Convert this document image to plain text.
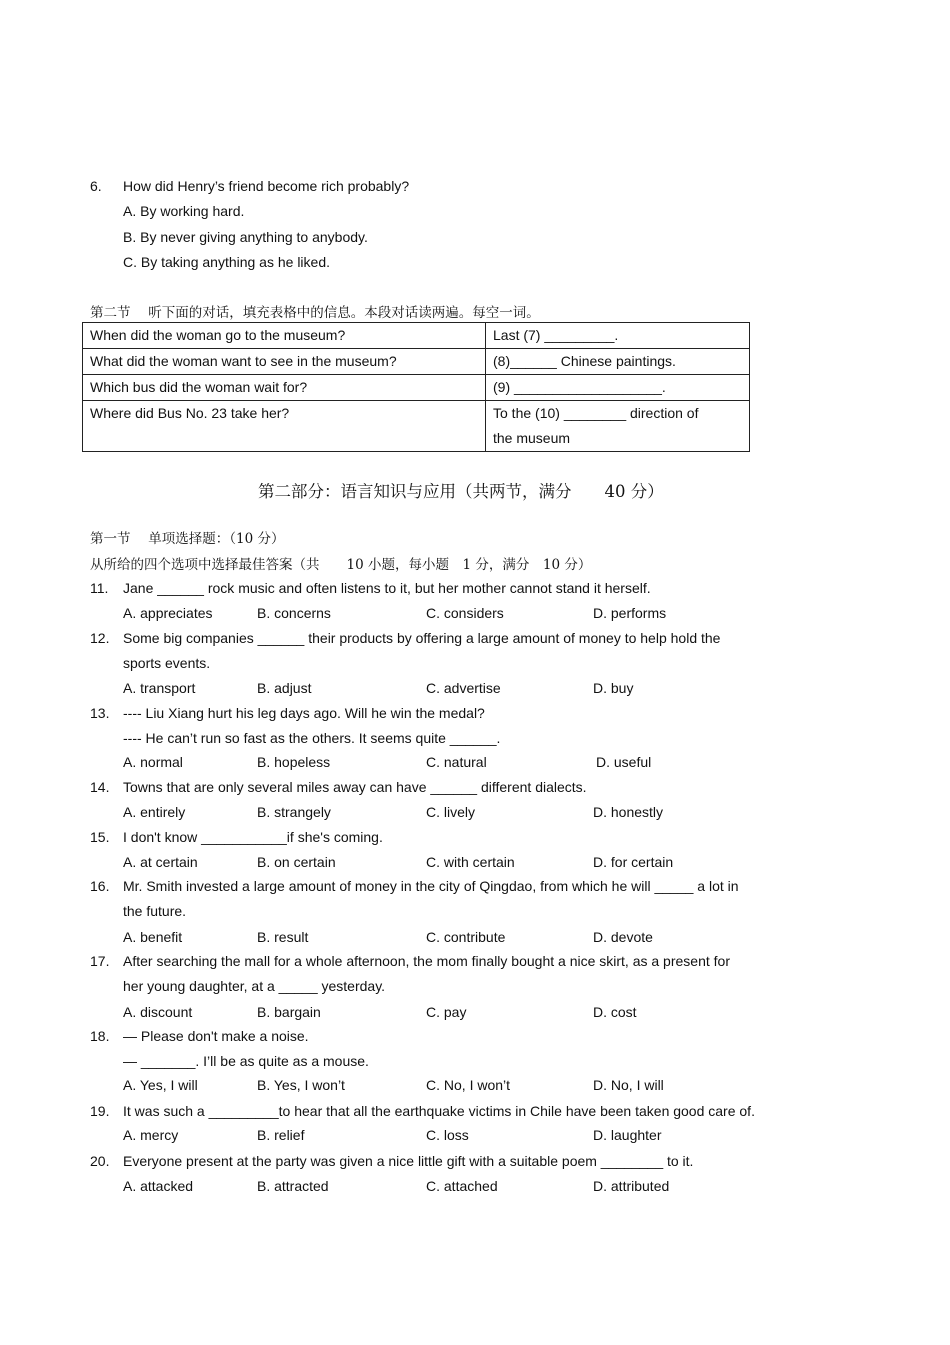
6. How did Henry’s friend become rich probably?
A. By working hard.
B. By never giving anything to anybody.
C. By taking anything as he liked.
第二节　 听下面的对话，填充表格中的信息。本段对话读两遍。每空一词。
When did the woman go to the museum?	Last (7) _________.
What did the woman want to see in the museum?	(8)______ Chinese paintings.
Which bus did the woman wait for?	(9) ___________________.
Where did Bus No. 23 take her?	To the (10) ________ direction of
the museum
第二部分：语言知识与应用（共两节，满分　　40 分）
第一节　 单项选择题：（10 分）
从所给的四个选项中选择最佳答案（共　　10 小题，每小题　1 分，满分　10 分）
11. Jane ______ rock music and often listens to it, but her mother cannot stand it herself.
A. appreciates	B. concerns	C. considers	D. performs
12. Some big companies ______ their products by offering a large amount of money to help hold the
sports events.
A. transport	B. adjust	C. advertise	D. buy
13. ---- Liu Xiang hurt his leg days ago. Will he win the medal?
---- He can’t run so fast as the others. It seems quite ______.
A. normal	B. hopeless	C. natural	D. useful
14. Towns that are only several miles away can have ______ different dialects.
A. entirely	B. strangely	C. lively	D. honestly
15. I don't know ___________if she's coming.
A. at certain	B. on certain	C. with certain	D. for certain
16. Mr. Smith invested a large amount of money in the city of Qingdao, from which he will _____ a lot in
the future.
A. benefit	B. result	C. contribute	D. devote
17. After searching the mall for a whole afternoon, the mom finally bought a nice skirt, as a present for
her young daughter, at a _____ yesterday.
A. discount	B. bargain	C. pay	D. cost
18. — Please don't make a noise.
— _______. I’ll be as quite as a mouse.
A. Yes, I will	B. Yes, I won’t	C. No, I won’t	D. No, I will
19. It was such a _________to hear that all the earthquake victims in Chile have been taken good care of.
A. mercy	B. relief	C. loss	D. laughter
20. Everyone present at the party was given a nice little gift with a suitable poem ________ to it.
A. attacked	B. attracted	C. attached	D. attributed
